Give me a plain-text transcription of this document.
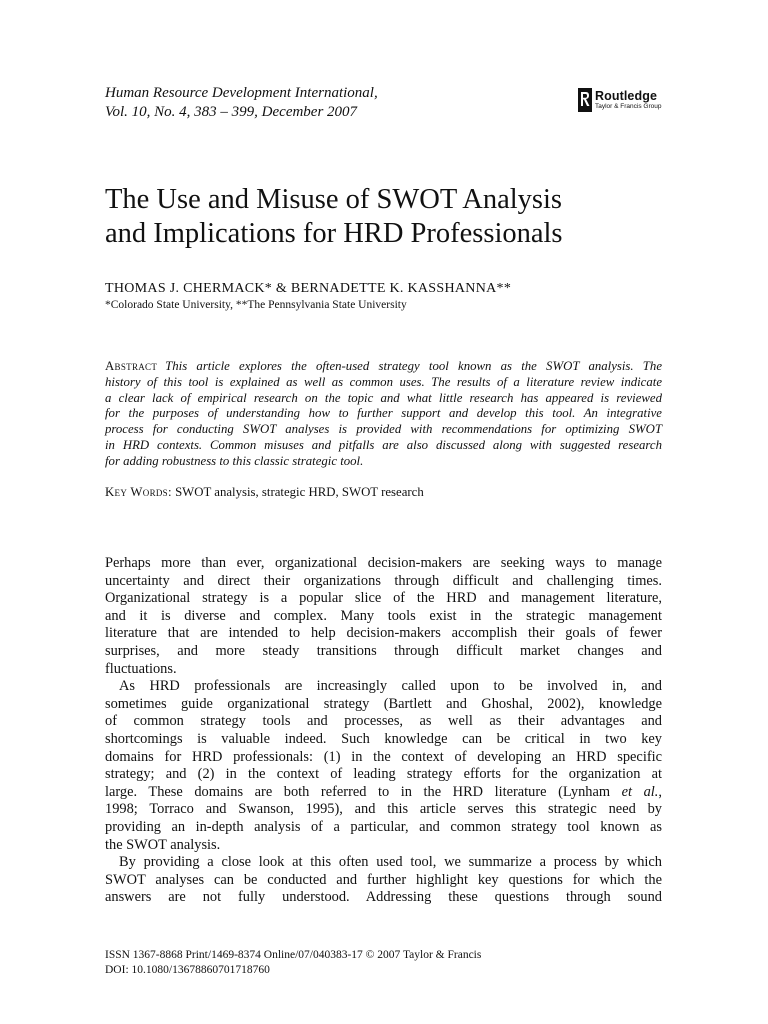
Human Resource Development International,
Vol. 10, No. 4, 383 – 399, December 2007
Routledge
Taylor & Francis Group
The Use and Misuse of SWOT Analysis
and Implications for HRD Professionals
THOMAS J. CHERMACK* & BERNADETTE K. KASSHANNA**
*Colorado State University, **The Pennsylvania State University
Abstract This article explores the often-used strategy tool known as the SWOT analysis. The
history of this tool is explained as well as common uses. The results of a literature review indicate
a clear lack of empirical research on the topic and what little research has appeared is reviewed
for the purposes of understanding how to further support and develop this tool. An integrative
process for conducting SWOT analyses is provided with recommendations for optimizing SWOT
in HRD contexts. Common misuses and pitfalls are also discussed along with suggested research
for adding robustness to this classic strategic tool.
Key Words: SWOT analysis, strategic HRD, SWOT research
Perhaps more than ever, organizational decision-makers are seeking ways to manage
uncertainty and direct their organizations through difficult and challenging times.
Organizational strategy is a popular slice of the HRD and management literature,
and it is diverse and complex. Many tools exist in the strategic management
literature that are intended to help decision-makers accomplish their goals of fewer
surprises, and more steady transitions through difficult market changes and
fluctuations.
As HRD professionals are increasingly called upon to be involved in, and
sometimes guide organizational strategy (Bartlett and Ghoshal, 2002), knowledge
of common strategy tools and processes, as well as their advantages and
shortcomings is valuable indeed. Such knowledge can be critical in two key
domains for HRD professionals: (1) in the context of developing an HRD specific
strategy; and (2) in the context of leading strategy efforts for the organization at
large. These domains are both referred to in the HRD literature (Lynham et al.,
1998; Torraco and Swanson, 1995), and this article serves this strategic need by
providing an in-depth analysis of a particular, and common strategy tool known as
the SWOT analysis.
By providing a close look at this often used tool, we summarize a process by which
SWOT analyses can be conducted and further highlight key questions for which the
answers are not fully understood. Addressing these questions through sound
ISSN 1367-8868 Print/1469-8374 Online/07/040383-17 © 2007 Taylor & Francis
DOI: 10.1080/13678860701718760
